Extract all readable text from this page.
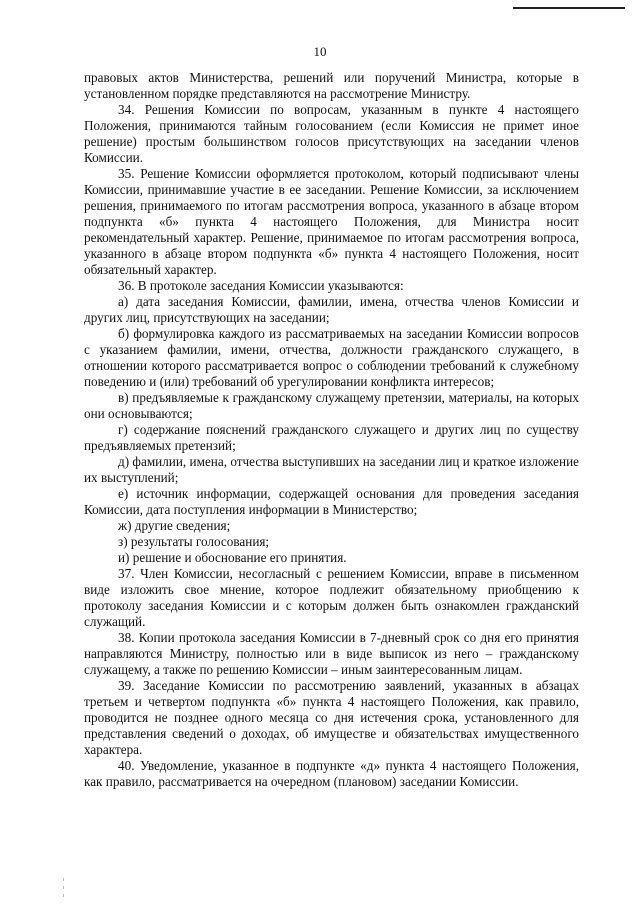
10

правовых актов Министерства, решений или поручений Министра, которые в установленном порядке представляются на рассмотрение Министру.

34. Решения Комиссии по вопросам, указанным в пункте 4 настоящего Положения, принимаются тайным голосованием (если Комиссия не примет иное решение) простым большинством голосов присутствующих на заседании членов Комиссии.

35. Решение Комиссии оформляется протоколом, который подписывают члены Комиссии, принимавшие участие в ее заседании. Решение Комиссии, за исключением решения, принимаемого по итогам рассмотрения вопроса, указанного в абзаце втором подпункта «б» пункта 4 настоящего Положения, для Министра носит рекомендательный характер. Решение, принимаемое по итогам рассмотрения вопроса, указанного в абзаце втором подпункта «б» пункта 4 настоящего Положения, носит обязательный характер.

36. В протоколе заседания Комиссии указываются:

а) дата заседания Комиссии, фамилии, имена, отчества членов Комиссии и других лиц, присутствующих на заседании;

б) формулировка каждого из рассматриваемых на заседании Комиссии вопросов с указанием фамилии, имени, отчества, должности гражданского служащего, в отношении которого рассматривается вопрос о соблюдении требований к служебному поведению и (или) требований об урегулировании конфликта интересов;

в) предъявляемые к гражданскому служащему претензии, материалы, на которых они основываются;

г) содержание пояснений гражданского служащего и других лиц по существу предъявляемых претензий;

д) фамилии, имена, отчества выступивших на заседании лиц и краткое изложение их выступлений;

е) источник информации, содержащей основания для проведения заседания Комиссии, дата поступления информации в Министерство;

ж) другие сведения;

з) результаты голосования;

и) решение и обоснование его принятия.

37. Член Комиссии, несогласный с решением Комиссии, вправе в письменном виде изложить свое мнение, которое подлежит обязательному приобщению к протоколу заседания Комиссии и с которым должен быть ознакомлен гражданский служащий.

38. Копии протокола заседания Комиссии в 7-дневный срок со дня его принятия направляются Министру, полностью или в виде выписок из него – гражданскому служащему, а также по решению Комиссии – иным заинтересованным лицам.

39. Заседание Комиссии по рассмотрению заявлений, указанных в абзацах третьем и четвертом подпункта «б» пункта 4 настоящего Положения, как правило, проводится не позднее одного месяца со дня истечения срока, установленного для представления сведений о доходах, об имуществе и обязательствах имущественного характера.

40. Уведомление, указанное в подпункте «д» пункта 4 настоящего Положения, как правило, рассматривается на очередном (плановом) заседании Комиссии.
